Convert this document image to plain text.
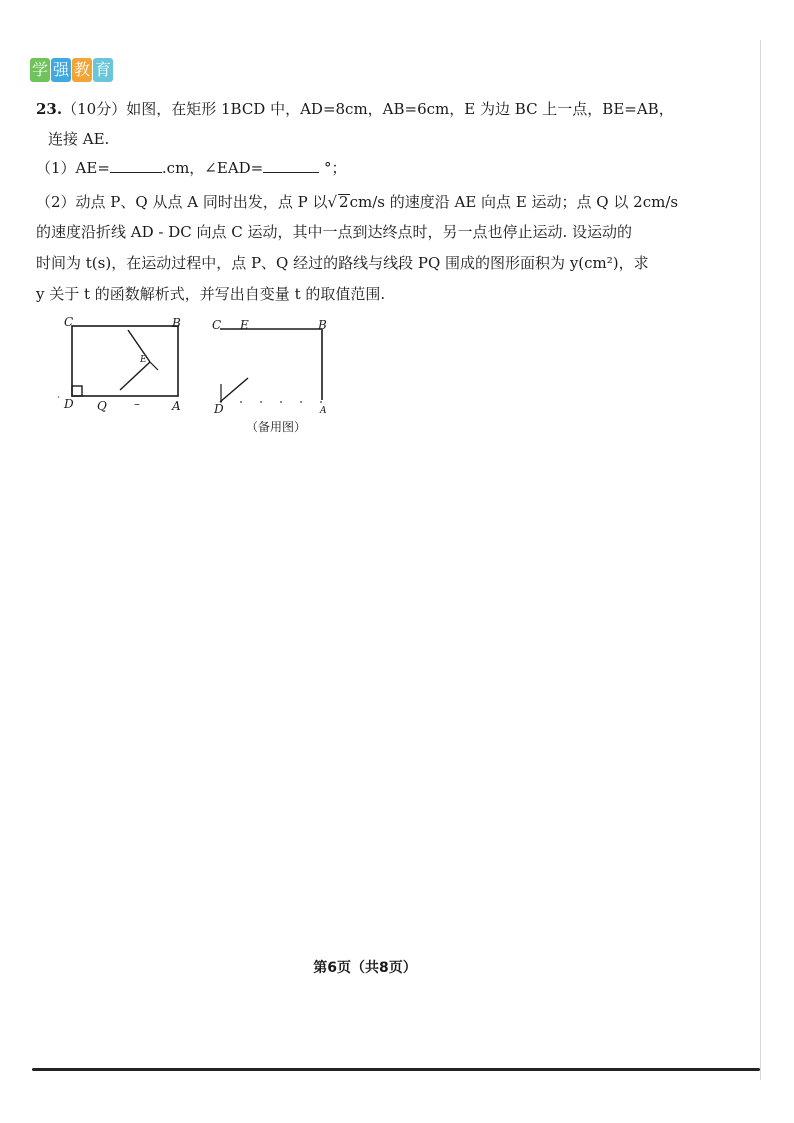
学 强 教 育
23.（10分）如图，在矩形 1BCD 中，AD=8cm，AB=6cm，E 为边 BC 上一点，BE=AB，
连接 AE.
（1）AE=	.cm，∠EAD=	°；
（2）动点 P、Q 从点 A 同时出发，点 P 以√ 2cm/s 的速度沿 AE 向点 E 运动；点 Q 以 2cm/s
的速度沿折线 AD - DC 向点 C 运动，其中一点到达终点时，另一点也停止运动. 设运动的
时间为 t(s)，在运动过程中，点 P、Q 经过的路线与线段 PQ 围成的图形面积为 y(cm²)，求
y 关于 t 的函数解析式，并写出自变量 t 的取值范围.
C	B
E
D Q –	A
`
C E	B
D	A
（备用图）
第6页（共8页）
